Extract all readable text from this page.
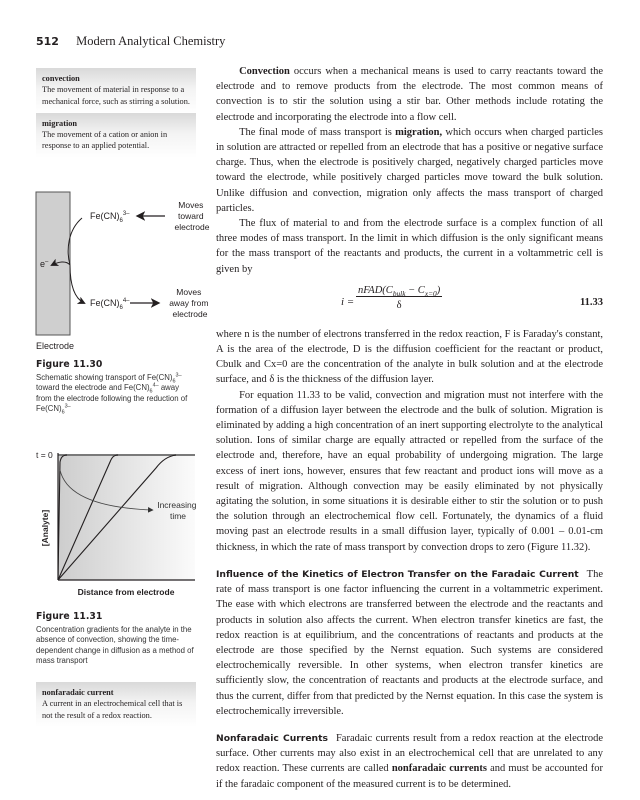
512 Modern Analytical Chemistry
convection
The movement of material in response to a mechanical force, such as stirring a solution.
migration
The movement of a cation or anion in response to an applied potential.
e–
$Fe(CN)_6^{3-}$
$Fe(CN)_6^{4-}$
Moves toward electrode
Moves away from electrode
Electrode
Figure 11.30
Schematic showing transport of $Fe(CN)_6^{3-}$ toward the electrode and $Fe(CN)_6^{4-}$ away from the electrode following the reduction of $Fe(CN)_6^{3-}$
t = 0
[Analyte]
Distance from electrode
Increasing time
Figure 11.31
Concentration gradients for the analyte in the absence of convection, showing the time-dependent change in diffusion as a method of mass transport
nonfaradaic current
A current in an electrochemical cell that is not the result of a redox reaction.

Convection occurs when a mechanical means is used to carry reactants toward the electrode and to remove products from the electrode. The most common means of convection is to stir the solution using a stir bar. Other methods include rotating the electrode and incorporating the electrode into a flow cell.

The final mode of mass transport is migration, which occurs when charged particles in solution are attracted or repelled from an electrode that has a positive or negative surface charge. Thus, when the electrode is positively charged, negatively charged particles move toward the electrode, while positively charged particles move toward the bulk solution. Unlike diffusion and convection, migration only affects the mass transport of charged particles.

The flux of material to and from the electrode surface is a complex function of all three modes of mass transport. In the limit in which diffusion is the only significant means for the mass transport of the reactants and products, the current in a voltammetric cell is given by

i =
$nFAD(C_{bulk} - C_{x=0})$
δ	11.33

where n is the number of electrons transferred in the redox reaction, F is Faraday's constant, A is the area of the electrode, D is the diffusion coefficient for the reactant or product, Cbulk and Cx=0 are the concentration of the analyte in bulk solution and at the electrode surface, and δ is the thickness of the diffusion layer.

For equation 11.33 to be valid, convection and migration must not interfere with the formation of a diffusion layer between the electrode and the bulk of solution. Migration is eliminated by adding a high concentration of an inert supporting electrolyte to the analytical solution. Ions of similar charge are equally attracted or repelled from the surface of the electrode and, therefore, have an equal probability of undergoing migration. The large excess of inert ions, however, ensures that few reactant and product ions will move as a result of migration. Although convection may be easily eliminated by not physically agitating the solution, in some situations it is desirable either to stir the solution or to push the solution through an electrochemical flow cell. Fortunately, the dynamics of a fluid moving past an electrode results in a small diffusion layer, typically of 0.001 – 0.01-cm thickness, in which the rate of mass transport by convection drops to zero (Figure 11.32).

Influence of the Kinetics of Electron Transfer on the Faradaic Current The rate of mass transport is one factor influencing the current in a voltammetric experiment. The ease with which electrons are transferred between the electrode and the reactants and products in solution also affects the current. When electron transfer kinetics are fast, the redox reaction is at equilibrium, and the concentrations of reactants and products at the electrode are those specified by the Nernst equation. Such systems are considered electrochemically reversible. In other systems, when electron transfer kinetics are sufficiently slow, the concentration of reactants and products at the electrode surface, and thus the current, differ from that predicted by the Nernst equation. In this case the system is electrochemically irreversible.

Nonfaradaic Currents Faradaic currents result from a redox reaction at the electrode surface. Other currents may also exist in an electrochemical cell that are unrelated to any redox reaction. These currents are called nonfaradaic currents and must be accounted for if the faradaic component of the measured current is to be determined.
